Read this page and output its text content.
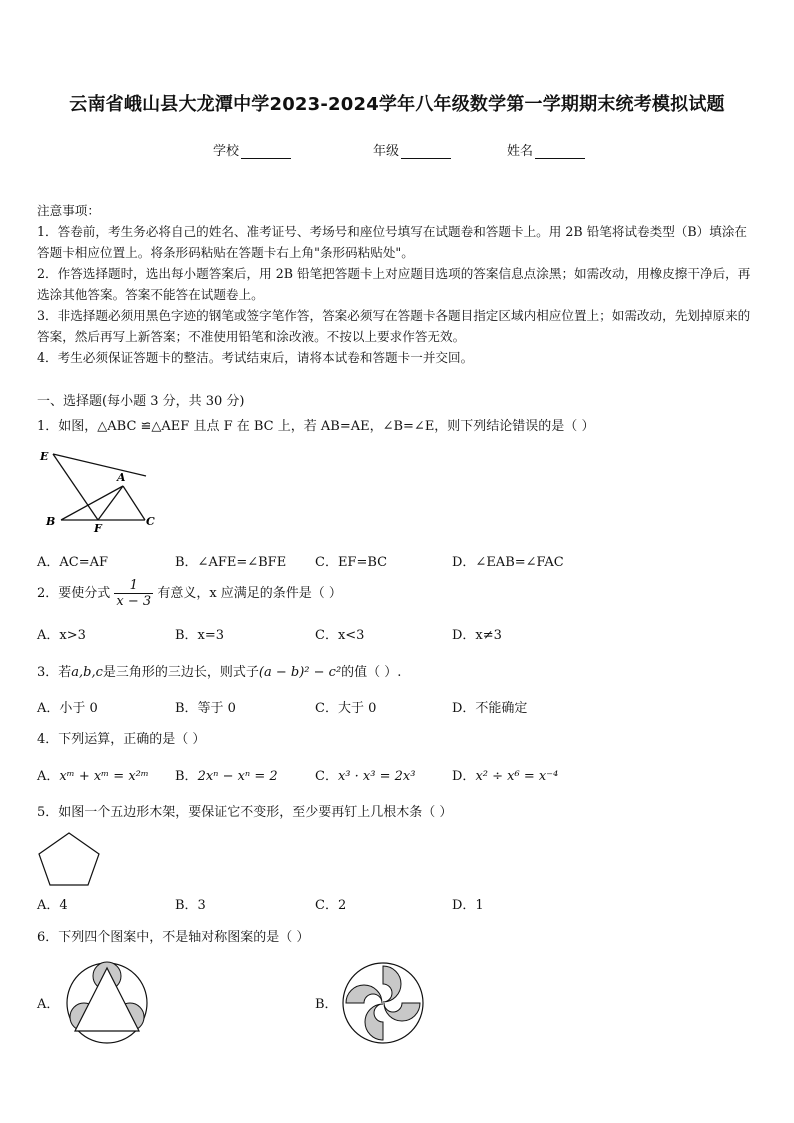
云南省峨山县大龙潭中学2023-2024学年八年级数学第一学期期末统考模拟试题
学校	年级	姓名

注意事项：

1．答卷前，考生务必将自己的姓名、准考证号、考场号和座位号填写在试题卷和答题卡上。用 2B 铅笔将试卷类型（B）填涂在答题卡相应位置上。将条形码粘贴在答题卡右上角"条形码粘贴处"。

2．作答选择题时，选出每小题答案后，用 2B 铅笔把答题卡上对应题目选项的答案信息点涂黑；如需改动，用橡皮擦干净后，再选涂其他答案。答案不能答在试题卷上。

3．非选择题必须用黑色字迹的钢笔或签字笔作答，答案必须写在答题卡各题目指定区域内相应位置上；如需改动，先划掉原来的答案，然后再写上新答案；不准使用铅笔和涂改液。不按以上要求作答无效。

4．考生必须保证答题卡的整洁。考试结束后，请将本试卷和答题卡一并交回。

一、选择题(每小题 3 分，共 30 分)
1．如图，△ABC ≌△AEF 且点 F 在 BC 上，若 AB=AE，∠B=∠E，则下列结论错误的是（ ）
E
A
B
F
C
A．AC=AF	B．∠AFE=∠BFE C．EF=BC	D．∠EAB=∠FAC
2．要使分式 $\frac{1}{x - 3}$ 有意义，x 应满足的条件是（ ）
A．x>3	B．x=3	C．x<3	D．x≠3
3．若a,b,c是三角形的三边长，则式子(a − b)² − c²的值（ ）.
A．小于 0	B．等于 0	C．大于 0	D．不能确定
4．下列运算，正确的是（ ）
A．xᵐ + xᵐ = x²ᵐ B．2xⁿ − xⁿ = 2	C．x³ · x³ = 2x³	D．x² ÷ x⁶ = x⁻⁴
5．如图一个五边形木架，要保证它不变形，至少要再钉上几根木条（ ）
A．4	B．3	C．2	D．1
6．下列四个图案中，不是轴对称图案的是（ ）
A．	B．
